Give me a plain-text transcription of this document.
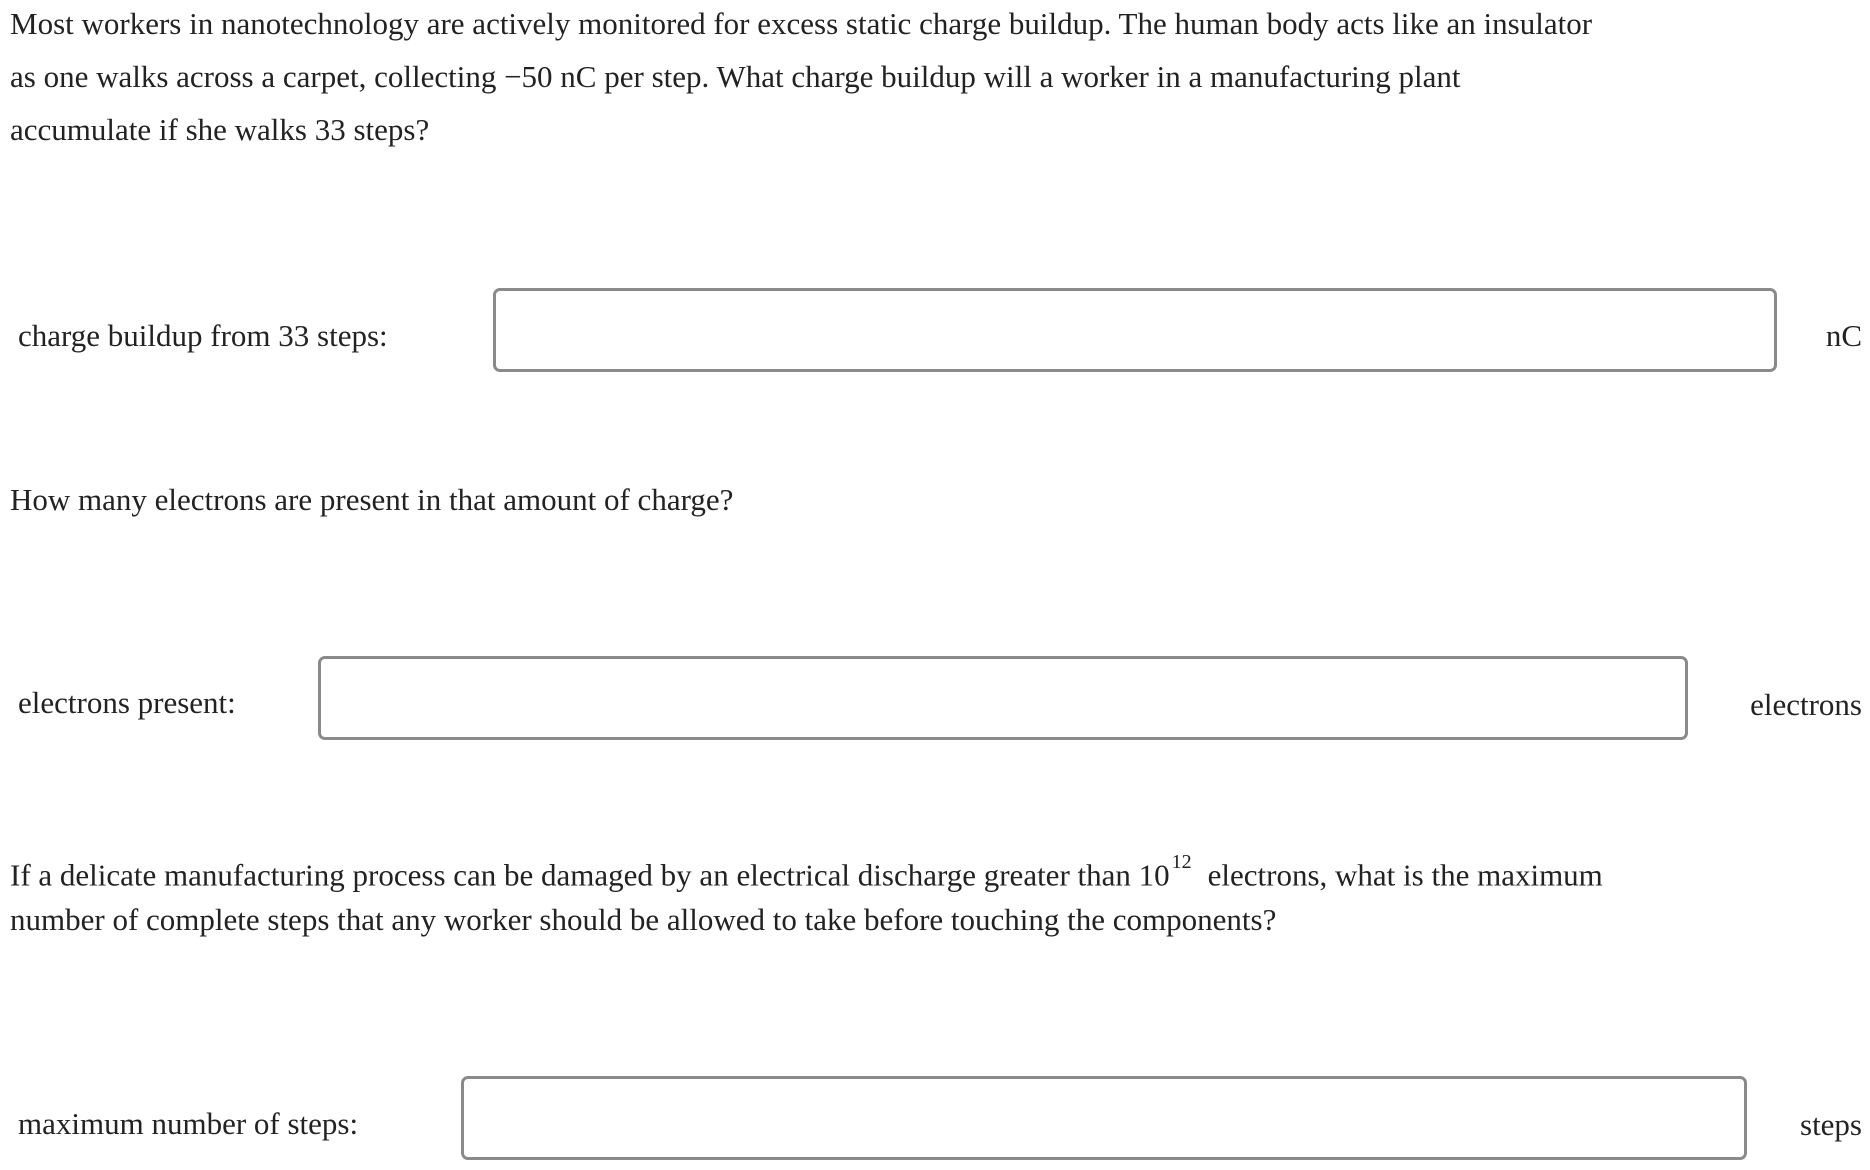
Most workers in nanotechnology are actively monitored for excess static charge buildup. The human body acts like an insulator
as one walks across a carpet, collecting −50 nC per step. What charge buildup will a worker in a manufacturing plant
accumulate if she walks 33 steps?
charge buildup from 33 steps:	nC
How many electrons are present in that amount of charge?
electrons present:	electrons
If a delicate manufacturing process can be damaged by an electrical discharge greater than 10 $^{12}$ electrons, what is the maximum
number of complete steps that any worker should be allowed to take before touching the components?
maximum number of steps:	steps
